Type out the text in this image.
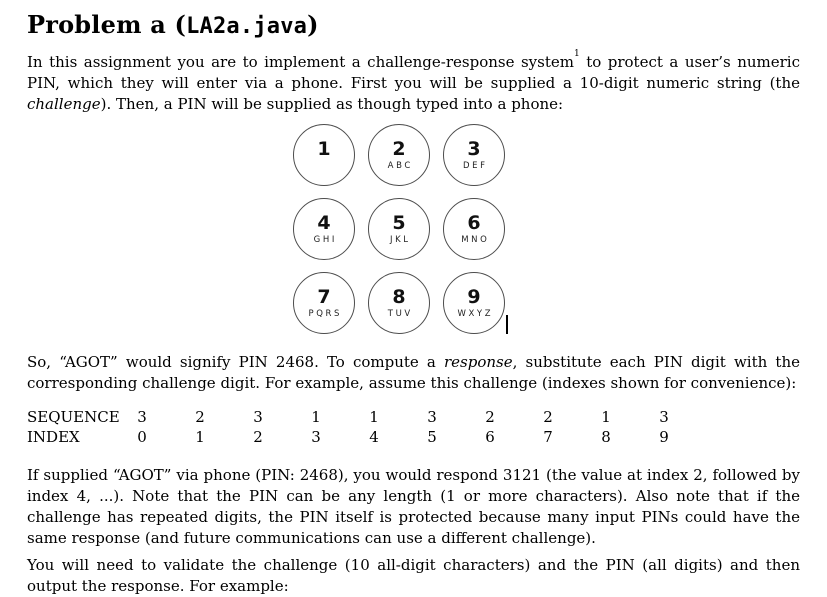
Problem a (LA2a.java)

In this assignment you are to implement a challenge-response system$^1$ to protect a user’s numeric PIN, which they will enter via a phone. First you will be supplied a 10-digit numeric string (the challenge). Then, a PIN will be supplied as though typed into a phone:

1	2
ABC
3
DEF
4
GHI
5
JKL
6
MNO
7
PQRS
8
TUV
9
WXYZ

So, “AGOT” would signify PIN 2468. To compute a response, substitute each PIN digit with the corresponding challenge digit. For example, assume this challenge (indexes shown for convenience):

SEQUENCE	3	2	3	1	1	3	2	2	1	3
INDEX	0	1	2	3	4	5	6	7	8	9

If supplied “AGOT” via phone (PIN: 2468), you would respond 3121 (the value at index 2, followed by index 4, ...). Note that the PIN can be any length (1 or more characters). Also note that if the challenge has repeated digits, the PIN itself is protected because many input PINs could have the same response (and future communications can use a different challenge).

You will need to validate the challenge (10 all-digit characters) and the PIN (all digits) and then output the response. For example:
